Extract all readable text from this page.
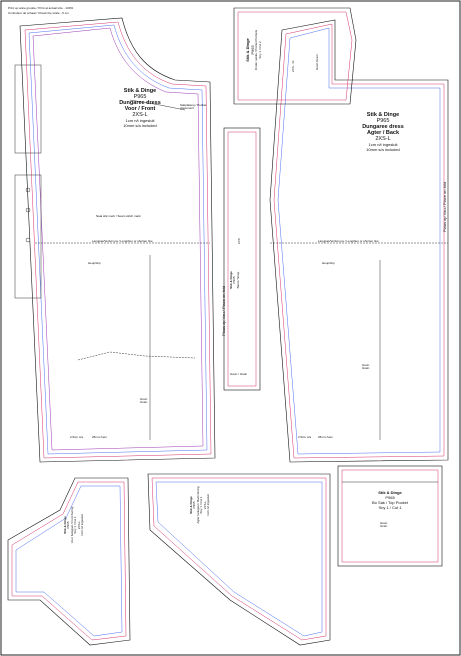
Print op ware grootte / Print at actual size - 100%
Controleer de schaal / Check the scale - 5 cm
Stik & Dinge
P965
Dungaree dress
Voor / Front
2XS-L
1cm n/t ingesluit
10mm s/a included
Sakplasing / Pocket placement
Naai stik merk / Seam stitch mark
Langpas/Vertuin pa / Lengthen or shorten line
Heup/Hip
Grein
Grain
2,5cm s/a	25mm hem
Plaas op Vou / Place on fold
Stik & Dinge
P965
Dungaree dress
Agter / Back
2XS-L
1cm n/t ingesluit
10mm s/a included
Langpas/Vertuin pa / Lengthen or shorten line
Heup/Hip
Grein
Grain
2,5cm s/a 25mm hem
Plaas op Vou / Place on fold
Stik & Dinge P965 Onder sakke / Pocket Pockets Sny 1 / Cut 2
2XS - XL	Grein Grain
Stik & Dinge P965 Band / Strap
2XS
Grein / Grain
Stik & Dinge P965 Voor belegsel / Front facing Sny 1 / Cut 1 2XS-L 1cm n/t ingesluit
Stik & Dinge P965 Agter belegsel / Back facing Sny 1 / Cut 1 2XS-L 1cm n/t ingesluit
Stik & Dinge
P965
Bo Sak / Top Pocket
Sny 1 / Cut 1
Grein
Grain
